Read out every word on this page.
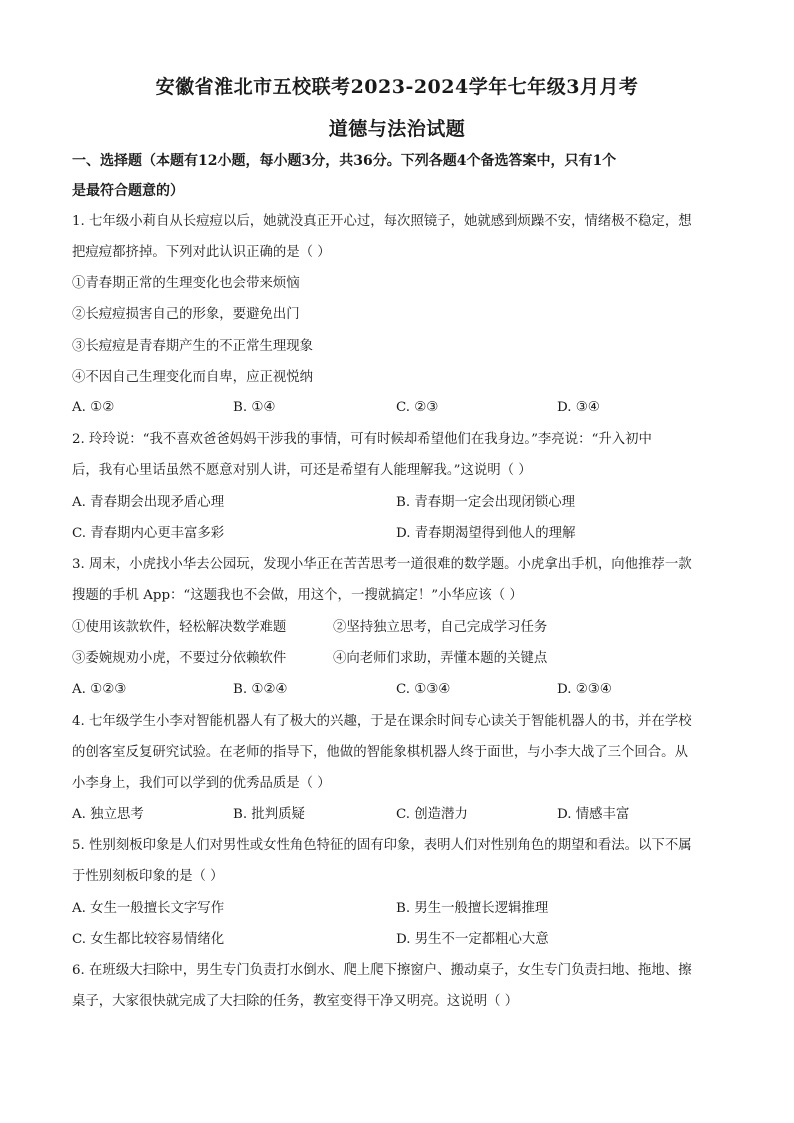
安徽省淮北市五校联考2023-2024学年七年级3月月考
道德与法治试题
一、选择题（本题有12小题，每小题3分，共36分。下列各题4个备选答案中，只有1个
是最符合题意的）
1. 七年级小莉自从长痘痘以后，她就没真正开心过，每次照镜子，她就感到烦躁不安，情绪极不稳定，想
把痘痘都挤掉。下列对此认识正确的是（ ）
①青春期正常的生理变化也会带来烦恼
②长痘痘损害自己的形象，要避免出门
③长痘痘是青春期产生的不正常生理现象
④不因自己生理变化而自卑，应正视悦纳
A. ①②	B. ①④	C. ②③	D. ③④
2. 玲玲说：“我不喜欢爸爸妈妈干涉我的事情，可有时候却希望他们在我身边。”李亮说：“升入初中
后，我有心里话虽然不愿意对别人讲，可还是希望有人能理解我。”这说明（ ）
A. 青春期会出现矛盾心理	B. 青春期一定会出现闭锁心理
C. 青春期内心更丰富多彩	D. 青春期渴望得到他人的理解
3. 周末，小虎找小华去公园玩，发现小华正在苦苦思考一道很难的数学题。小虎拿出手机，向他推荐一款
搜题的手机 App：“这题我也不会做，用这个，一搜就搞定！”小华应该（ ）
①使用该款软件，轻松解决数学难题	②坚持独立思考，自己完成学习任务
③委婉规劝小虎，不要过分依赖软件	④向老师们求助，弄懂本题的关键点
A. ①②③	B. ①②④	C. ①③④	D. ②③④
4. 七年级学生小李对智能机器人有了极大的兴趣，于是在课余时间专心读关于智能机器人的书，并在学校
的创客室反复研究试验。在老师的指导下，他做的智能象棋机器人终于面世，与小李大战了三个回合。从
小李身上，我们可以学到的优秀品质是（ ）
A. 独立思考	B. 批判质疑	C. 创造潜力	D. 情感丰富
5. 性别刻板印象是人们对男性或女性角色特征的固有印象，表明人们对性别角色的期望和看法。以下不属
于性别刻板印象的是（ ）
A. 女生一般擅长文字写作	B. 男生一般擅长逻辑推理
C. 女生都比较容易情绪化	D. 男生不一定都粗心大意
6. 在班级大扫除中，男生专门负责打水倒水、爬上爬下擦窗户、搬动桌子，女生专门负责扫地、拖地、擦
桌子，大家很快就完成了大扫除的任务，教室变得干净又明亮。这说明（ ）
